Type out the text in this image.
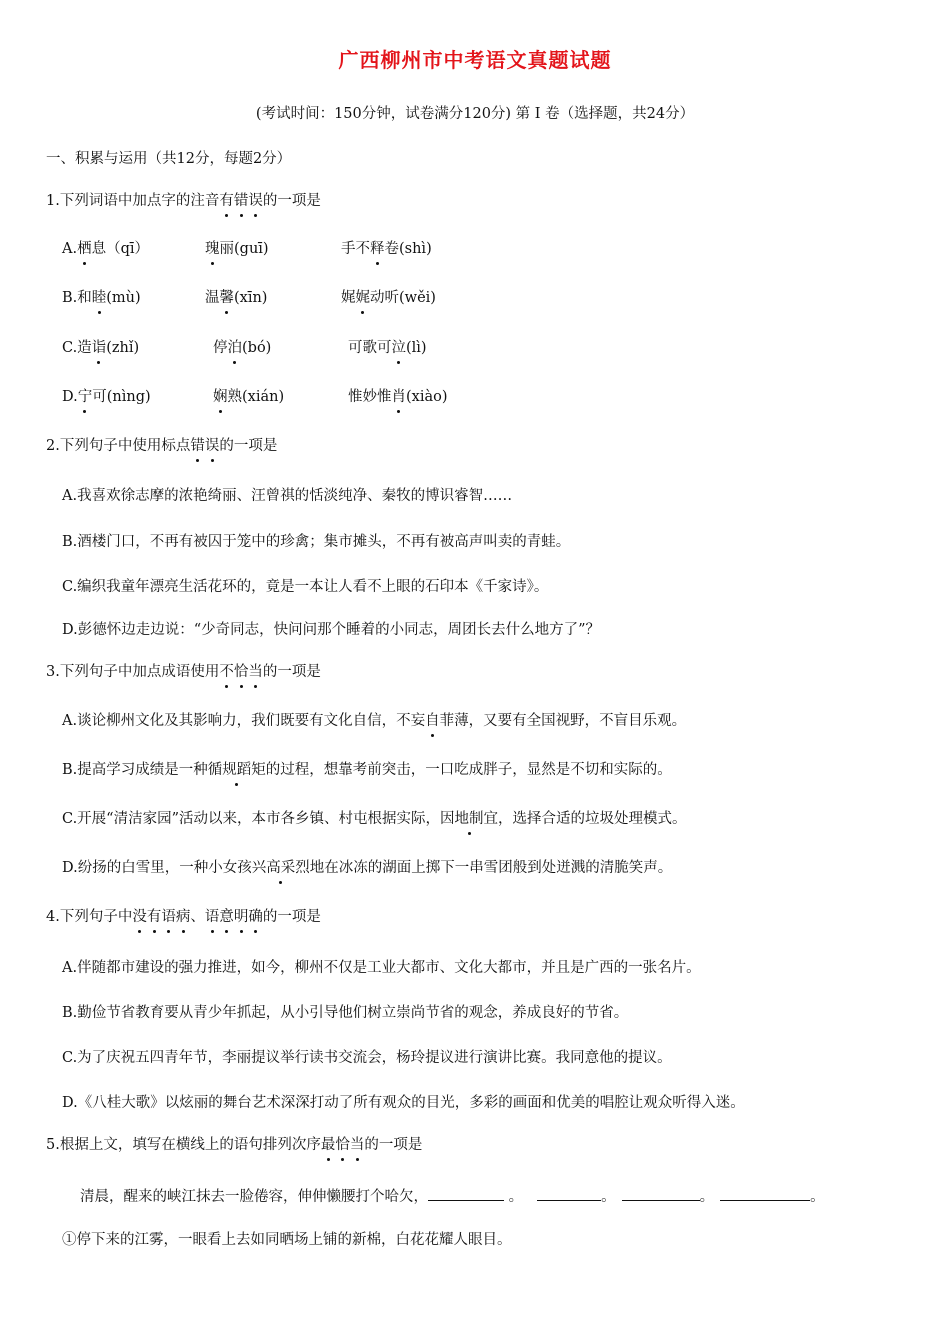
广西柳州市中考语文真题试题
(考试时间：150分钟，试卷满分120分) 第 I 卷（选择题，共24分）
一、积累与运用（共12分，每题2分）
1.下列词语中加点字的注音有错误的一项是
A.栖息（qī）	瑰丽(guī)	手不释卷(shì)
B.和睦(mù)	温馨(xīn)	娓娓动听(wěi)
C.造诣(zhǐ)	停泊(bó)	可歌可泣(lì)
D.宁可(nìng)	娴熟(xián)	惟妙惟肖(xiào)
2.下列句子中使用标点错误的一项是
A.我喜欢徐志摩的浓艳绮丽、汪曾祺的恬淡纯净、秦牧的博识睿智……
B.酒楼门口，不再有被囚于笼中的珍禽；集市摊头，不再有被高声叫卖的青蛙。
C.编织我童年漂亮生活花环的，竟是一本让人看不上眼的石印本《千家诗》。
D.彭德怀边走边说：“少奇同志，快问问那个睡着的小同志，周团长去什么地方了”？
3.下列句子中加点成语使用不恰当的一项是
A.谈论柳州文化及其影响力，我们既要有文化自信，不妄自菲薄，又要有全国视野，不盲目乐观。
B.提高学习成绩是一种循规蹈矩的过程，想靠考前突击，一口吃成胖子，显然是不切和实际的。
C.开展“清洁家园”活动以来，本市各乡镇、村屯根据实际，因地制宜，选择合适的垃圾处理模式。
D.纷扬的白雪里，一种小女孩兴高采烈地在冰冻的湖面上掷下一串雪团般到处迸溅的清脆笑声。
4.下列句子中没有语病、语意明确的一项是
A.伴随都市建设的强力推进，如今，柳州不仅是工业大都市、文化大都市，并且是广西的一张名片。
B.勤俭节省教育要从青少年抓起，从小引导他们树立崇尚节省的观念，养成良好的节省。
C.为了庆祝五四青年节，李丽提议举行读书交流会，杨玲提议进行演讲比赛。我同意他的提议。
D.《八桂大歌》以炫丽的舞台艺术深深打动了所有观众的目光，多彩的画面和优美的唱腔让观众听得入迷。
5.根据上文，填写在横线上的语句排列次序最恰当的一项是
清晨，醒来的峡江抹去一脸倦容，伸伸懒腰打个哈欠，	。	。	。	。
①停下来的江雾，一眼看上去如同晒场上铺的新棉，白花花耀人眼目。
